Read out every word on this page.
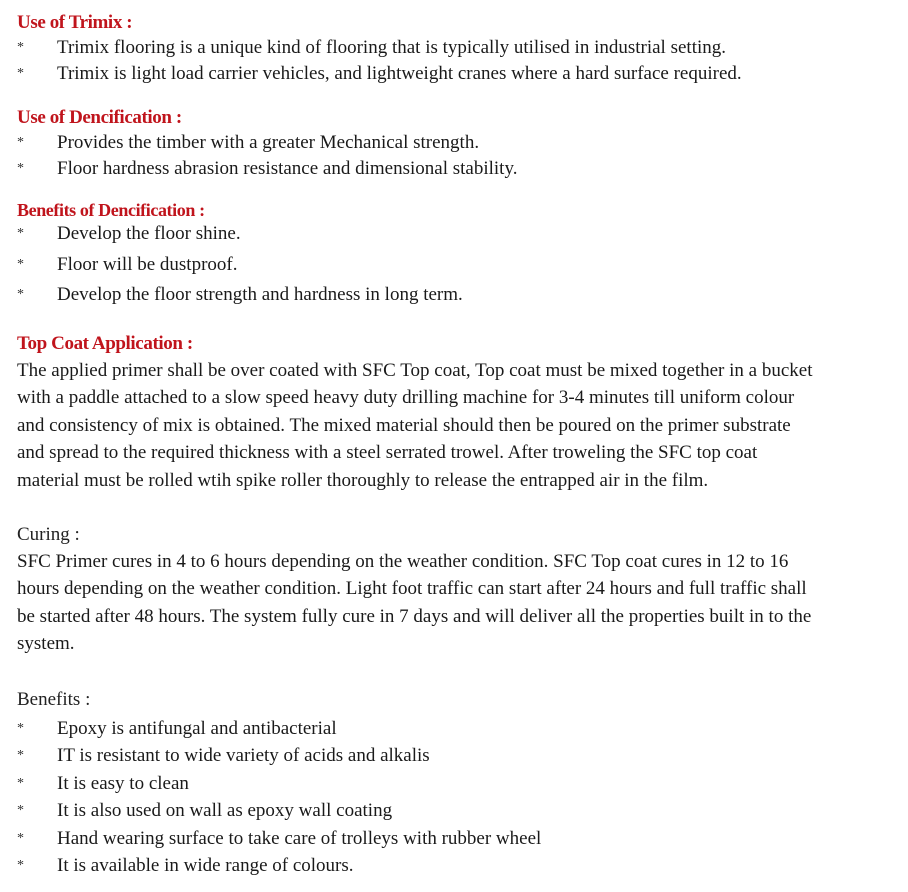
Use of Trimix :
*	Trimix flooring is a unique kind of flooring that is typically utilised in industrial setting.
*	Trimix is light load carrier vehicles, and lightweight cranes where a hard surface required.
Use of Dencification :
*	Provides the timber with a greater Mechanical strength.
*	Floor hardness abrasion resistance and dimensional stability.
Benefits of Dencification :
*	Develop the floor shine.
*	Floor will be dustproof.
*	Develop the floor strength and hardness in long term.
Top Coat Application :
The applied primer shall be over coated with SFC Top coat, Top coat must be mixed together in a bucket
with a paddle attached to a slow speed heavy duty drilling machine for 3-4 minutes till uniform colour
and consistency of mix is obtained. The mixed material should then be poured on the primer substrate
and spread to the required thickness with a steel serrated trowel. After troweling the SFC top coat
material must be rolled wtih spike roller thoroughly to release the entrapped air in the film.
Curing :
SFC Primer cures in 4 to 6 hours depending on the weather condition. SFC Top coat cures in 12 to 16
hours depending on the weather condition. Light foot traffic can start after 24 hours and full traffic shall
be started after 48 hours. The system fully cure in 7 days and will deliver all the properties built in to the
system.
Benefits :
*	Epoxy is antifungal and antibacterial
*	IT is resistant to wide variety of acids and alkalis
*	It is easy to clean
*	It is also used on wall as epoxy wall coating
*	Hand wearing surface to take care of trolleys with rubber wheel
*	It is available in wide range of colours.
